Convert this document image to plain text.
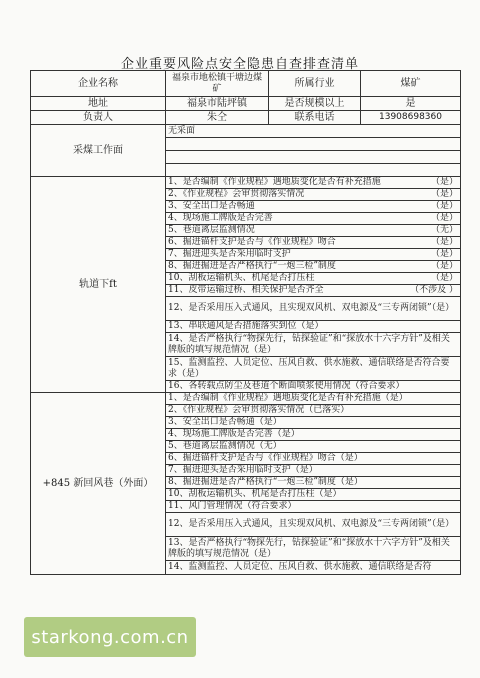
企业重要风险点安全隐患自查排查清单
企业名称	福泉市地松镇干塘边煤矿	所属行业	煤矿
地址	福泉市陆坪镇	是否规模以上	是
负责人	朱仝	联系电话	13908698360
采煤工作面	无采面		

轨道下ft	1、是否编制《作业规程》遇地质变化是否有补充措施 （是）		

	2、《作业规程》会审贯彻落实情况 （是）		

	3、安全出口是否畅通 （是）		

	4、现场施工牌版是否完善 （是）		

	5、巷道离层监测情况 （无）		

	6、掘进锚杆支护是否与《作业规程》吻合 （是）		

	7、掘进迎头是否采用临时支护 （是）		

	8、掘进掘进是否严格执行“一炮三检”制度 （是）		

	10、刮板运输机头、机尾是否打压柱 （是）		

	11、皮带运输过桥、相关保护是否齐全 （不涉及 ）		

	12、是否采用压入式通风，且实现双风机、双电源及“三专两闭锁”（是）		

	13、串联通风是否措施落实到位（是）		

	14、是否严格执行“物探先行，钻探验证”和“探放水十六字方针”及相关牌版的填写规范情况（是）		

	15、监测监控、人员定位、压风自救、供水施救、通信联络是否符合要求（是）		

	16、各转载点防尘及巷道个断面喷浆使用情况（符合要求）		

+845 新回风巷（外面）	1、是否编制《作业规程》遇地质变化是否有补充措施（是）		

	2、《作业规程》会审贯彻落实情况（已落实）		

	3、安全出口是否畅通（是）		

	4、现场施工牌版是否完善（是）		

	5、巷道离层监测情况（无）		

	6、掘进锚杆支护是否与《作业规程》吻合（是）		

	7、掘进迎头是否采用临时支护（是）		

	8、掘进掘进是否严格执行“一炮三检”制度（是）		

	10、刮板运输机头、机尾是否打压柱（是）		

	11、风门管理情况（符合要求）		

	12、是否采用压入式通风，且实现双风机、双电源及“三专两闭锁”（是）		

	13、是否严格执行“物探先行，钻探验证”和“探放水十六字方针”及相关牌版的填写规范情况（是）		

	14、监测监控、人员定位、压风自救、供水施救、通信联络是否符		
starkong.com.cn
